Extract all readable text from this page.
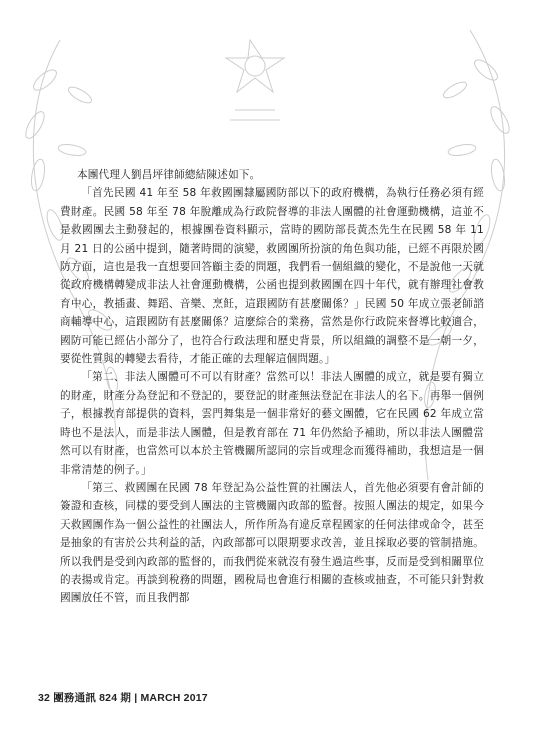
本團代理人劉昌坪律師總結陳述如下。

「首先民國 41 年至 58 年救國團隸屬國防部以下的政府機構，為執行任務必須有經費財產。民國 58 年至 78 年脫離成為行政院督導的非法人團體的社會運動機構，這並不是救國團去主動發起的，根據團卷資料顯示，當時的國防部長黃杰先生在民國 58 年 11 月 21 日的公函中提到，隨著時間的演變，救國團所扮演的角色與功能，已經不再限於國防方面，這也是我一直想要回答顧主委的問題，我們看一個組織的變化，不是說他一天就從政府機構轉變成非法人社會運動機構，公函也提到救國團在四十年代，就有辦理社會教育中心，教插畫、舞蹈、音樂、烹飪，這跟國防有甚麼關係？」民國 50 年成立張老師諮商輔導中心，這跟國防有甚麼關係？這麼綜合的業務，當然是你行政院來督導比較適合，國防可能已經佔小部分了，也符合行政法理和歷史背景，所以組織的調整不是一朝一夕，要從性質與的轉變去看待，才能正確的去理解這個問題。」

「第二、非法人團體可不可以有財產？當然可以！非法人團體的成立，就是要有獨立的財產，財產分為登記和不登記的，要登記的財產無法登記在非法人的名下。再舉一個例子，根據教育部提供的資料，雲門舞集是一個非常好的藝文團體，它在民國 62 年成立當時也不是法人，而是非法人團體，但是教育部在 71 年仍然給予補助，所以非法人團體當然可以有財產，也當然可以本於主管機關所認同的宗旨或理念而獲得補助，我想這是一個非常清楚的例子。」

「第三、救國團在民國 78 年登記為公益性質的社團法人，首先他必須要有會計師的簽證和查核，同樣的要受到人團法的主管機關內政部的監督。按照人團法的規定，如果今天救國團作為一個公益性的社團法人，所作所為有違反章程國家的任何法律或命令，甚至是抽象的有害於公共利益的話，內政部都可以限期要求改善，並且採取必要的管制措施。所以我們是受到內政部的監督的，而我們從來就沒有發生過這些事，反而是受到相關單位的表揚或肯定。再談到稅務的問題，國稅局也會進行相關的查核或抽查，不可能只針對救國團放任不管，而且我們都

32 團務通訊 824 期 | MARCH 2017
